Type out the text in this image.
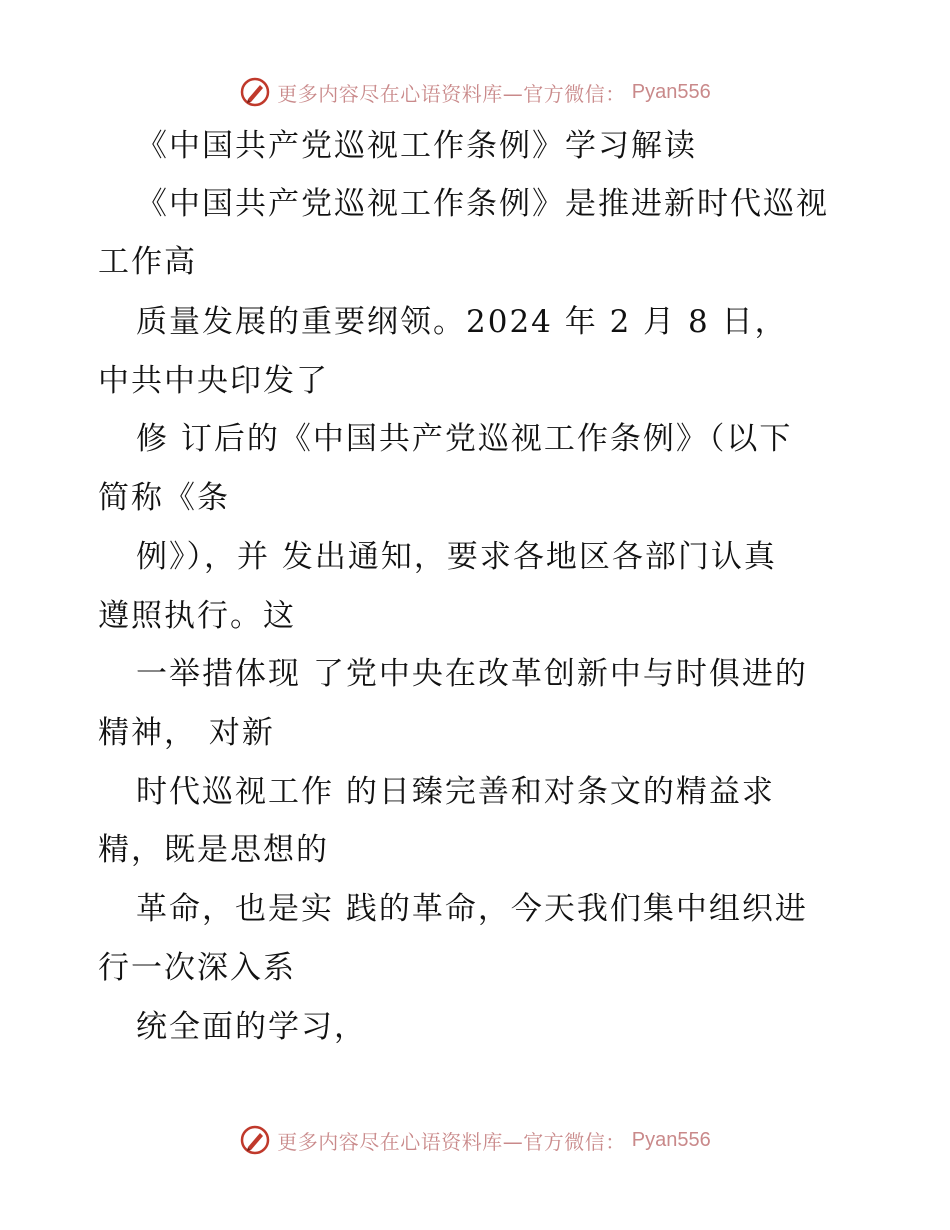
更多内容尽在心语资料库—官方微信： Pyan556
《中国共产党巡视工作条例》学习解读
《中国共产党巡视工作条例》是推进新时代巡视
工作高
质量发展的重要纲领。2024 年 2 月 8 日，
中共中央印发了
修 订后的《中国共产党巡视工作条例》（以下
简称《条
例》），并 发出通知，要求各地区各部门认真
遵照执行。这
一举措体现 了党中央在改革创新中与时俱进的
精神， 对新
时代巡视工作 的日臻完善和对条文的精益求
精，既是思想的
革命，也是实 践的革命，今天我们集中组织进
行一次深入系
统全面的学习，
更多内容尽在心语资料库—官方微信： Pyan556
